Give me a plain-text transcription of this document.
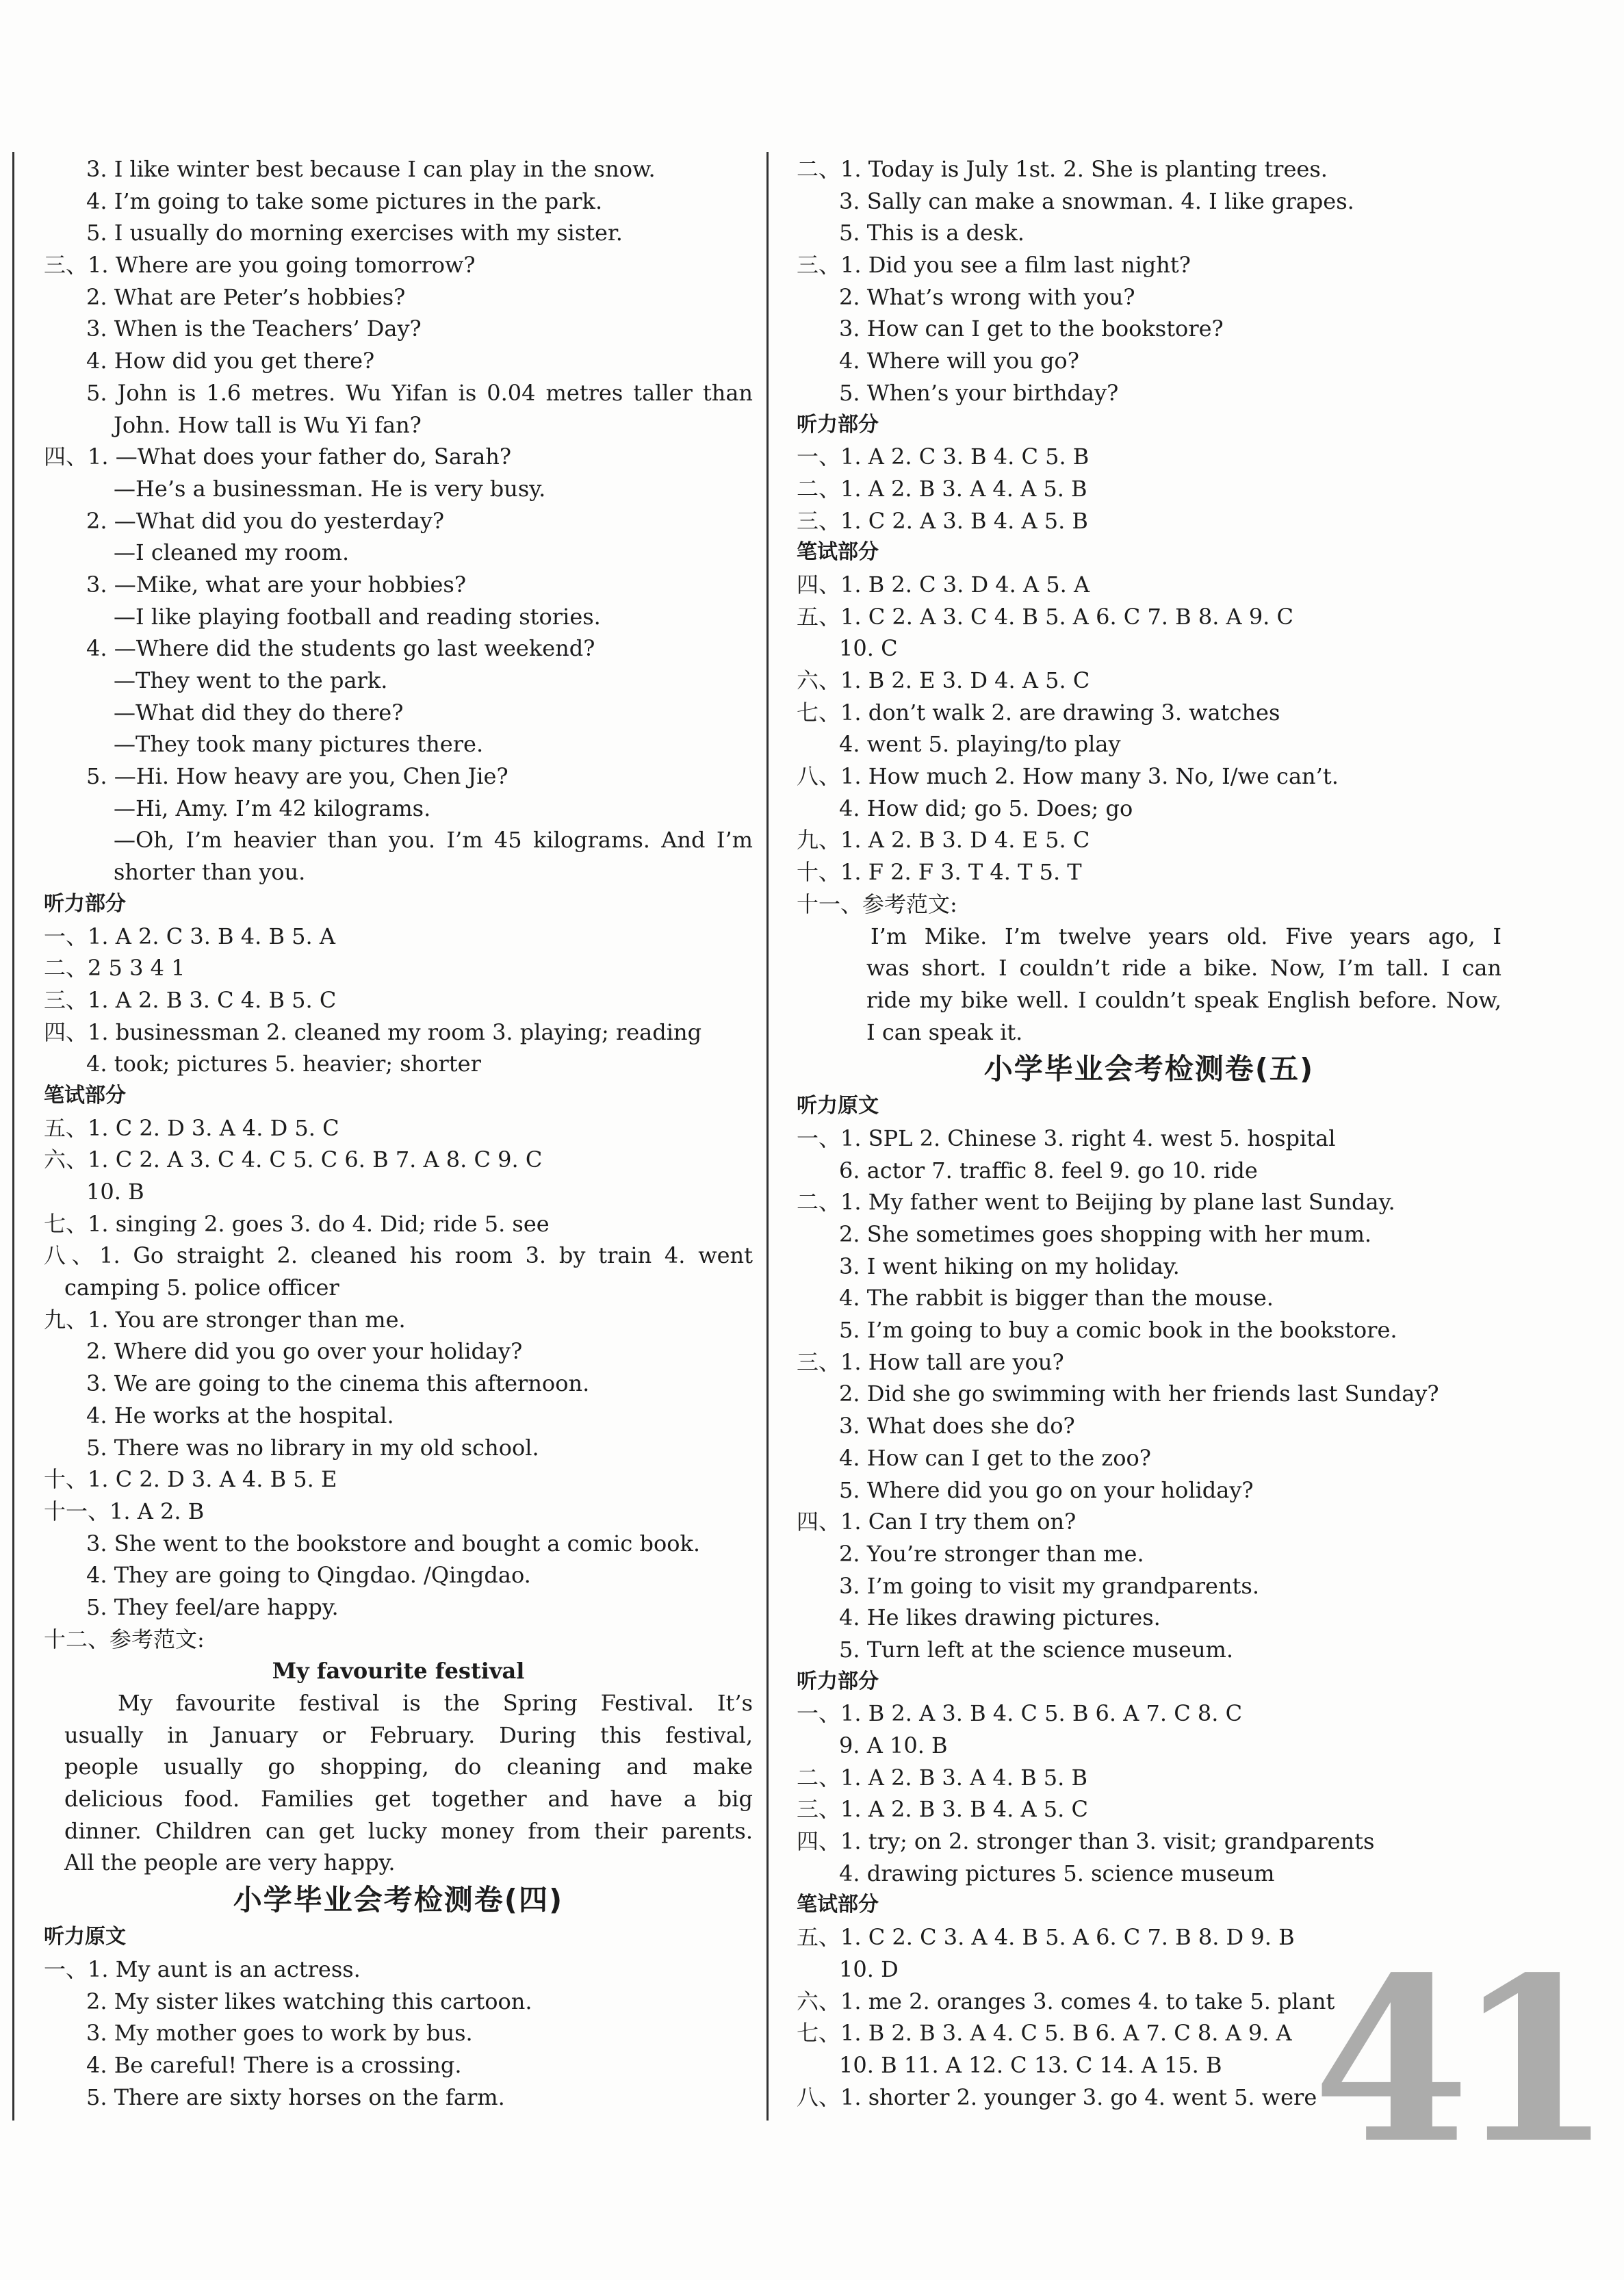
3. I like winter best because I can play in the snow.
4. I’m going to take some pictures in the park.
5. I usually do morning exercises with my sister.
三、1. Where are you going tomorrow?
2. What are Peter’s hobbies?
3. When is the Teachers’ Day?
4. How did you get there?
5. John is 1.6 metres. Wu Yifan is 0.04 metres taller than
John. How tall is Wu Yi fan?
四、1. —What does your father do, Sarah?
—He’s a businessman. He is very busy.
2. —What did you do yesterday?
—I cleaned my room.
3. —Mike, what are your hobbies?
—I like playing football and reading stories.
4. —Where did the students go last weekend?
—They went to the park.
—What did they do there?
—They took many pictures there.
5. —Hi. How heavy are you, Chen Jie?
—Hi, Amy. I’m 42 kilograms.
—Oh, I’m heavier than you. I’m 45 kilograms. And I’m
shorter than you.
听力部分
一、1. A 2. C 3. B 4. B 5. A
二、2 5 3 4 1
三、1. A 2. B 3. C 4. B 5. C
四、1. businessman 2. cleaned my room 3. playing; reading
4. took; pictures 5. heavier; shorter
笔试部分
五、1. C 2. D 3. A 4. D 5. C
六、1. C 2. A 3. C 4. C 5. C 6. B 7. A 8. C 9. C
10. B
七、1. singing 2. goes 3. do 4. Did; ride 5. see
八、1. Go straight 2. cleaned his room 3. by train 4. went
camping 5. police officer
九、1. You are stronger than me.
2. Where did you go over your holiday?
3. We are going to the cinema this afternoon.
4. He works at the hospital.
5. There was no library in my old school.
十、1. C 2. D 3. A 4. B 5. E
十一、1. A 2. B
3. She went to the bookstore and bought a comic book.
4. They are going to Qingdao. /Qingdao.
5. They feel/are happy.
十二、参考范文:
My favourite festival
My favourite festival is the Spring Festival. It’s
usually in January or February. During this festival,
people usually go shopping, do cleaning and make
delicious food. Families get together and have a big
dinner. Children can get lucky money from their parents.
All the people are very happy.
小学毕业会考检测卷(四)
听力原文
一、1. My aunt is an actress.
2. My sister likes watching this cartoon.
3. My mother goes to work by bus.
4. Be careful! There is a crossing.
5. There are sixty horses on the farm.
二、1. Today is July 1st. 2. She is planting trees.
3. Sally can make a snowman. 4. I like grapes.
5. This is a desk.
三、1. Did you see a film last night?
2. What’s wrong with you?
3. How can I get to the bookstore?
4. Where will you go?
5. When’s your birthday?
听力部分
一、1. A 2. C 3. B 4. C 5. B
二、1. A 2. B 3. A 4. A 5. B
三、1. C 2. A 3. B 4. A 5. B
笔试部分
四、1. B 2. C 3. D 4. A 5. A
五、1. C 2. A 3. C 4. B 5. A 6. C 7. B 8. A 9. C
10. C
六、1. B 2. E 3. D 4. A 5. C
七、1. don’t walk 2. are drawing 3. watches
4. went 5. playing/to play
八、1. How much 2. How many 3. No, I/we can’t.
4. How did; go 5. Does; go
九、1. A 2. B 3. D 4. E 5. C
十、1. F 2. F 3. T 4. T 5. T
十一、参考范文:
I’m Mike. I’m twelve years old. Five years ago, I
was short. I couldn’t ride a bike. Now, I’m tall. I can
ride my bike well. I couldn’t speak English before. Now,
I can speak it.
小学毕业会考检测卷(五)
听力原文
一、1. SPL 2. Chinese 3. right 4. west 5. hospital
6. actor 7. traffic 8. feel 9. go 10. ride
二、1. My father went to Beijing by plane last Sunday.
2. She sometimes goes shopping with her mum.
3. I went hiking on my holiday.
4. The rabbit is bigger than the mouse.
5. I’m going to buy a comic book in the bookstore.
三、1. How tall are you?
2. Did she go swimming with her friends last Sunday?
3. What does she do?
4. How can I get to the zoo?
5. Where did you go on your holiday?
四、1. Can I try them on?
2. You’re stronger than me.
3. I’m going to visit my grandparents.
4. He likes drawing pictures.
5. Turn left at the science museum.
听力部分
一、1. B 2. A 3. B 4. C 5. B 6. A 7. C 8. C
9. A 10. B
二、1. A 2. B 3. A 4. B 5. B
三、1. A 2. B 3. B 4. A 5. C
四、1. try; on 2. stronger than 3. visit; grandparents
4. drawing pictures 5. science museum
笔试部分
五、1. C 2. C 3. A 4. B 5. A 6. C 7. B 8. D 9. B
10. D
六、1. me 2. oranges 3. comes 4. to take 5. plant
七、1. B 2. B 3. A 4. C 5. B 6. A 7. C 8. A 9. A
10. B 11. A 12. C 13. C 14. A 15. B
八、1. shorter 2. younger 3. go 4. went 5. were
41
